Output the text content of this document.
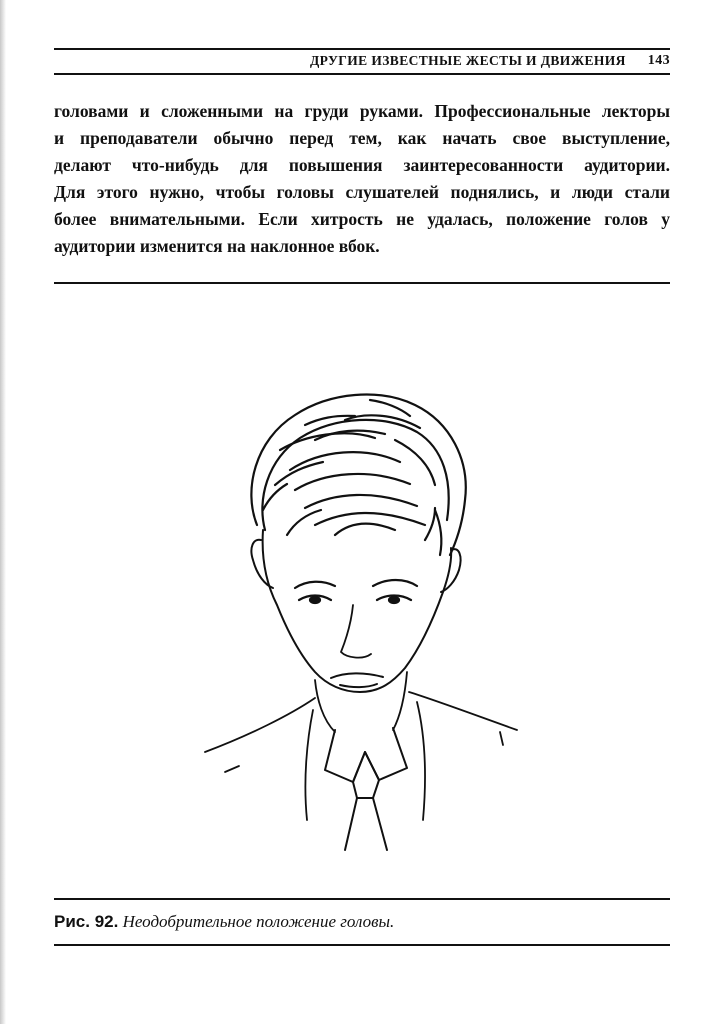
ДРУГИЕ ИЗВЕСТНЫЕ ЖЕСТЫ И ДВИЖЕНИЯ 143
головами и сложенными на груди руками. Профессиональные лекторы
и преподаватели обычно перед тем, как начать свое выступление,
делают что-нибудь для повышения заинтересованности аудитории.
Для этого нужно, чтобы головы слушателей поднялись, и люди стали
более внимательными. Если хитрость не удалась, положение голов у
аудитории изменится на наклонное вбок.
Рис. 92. Неодобрительное положение головы.
